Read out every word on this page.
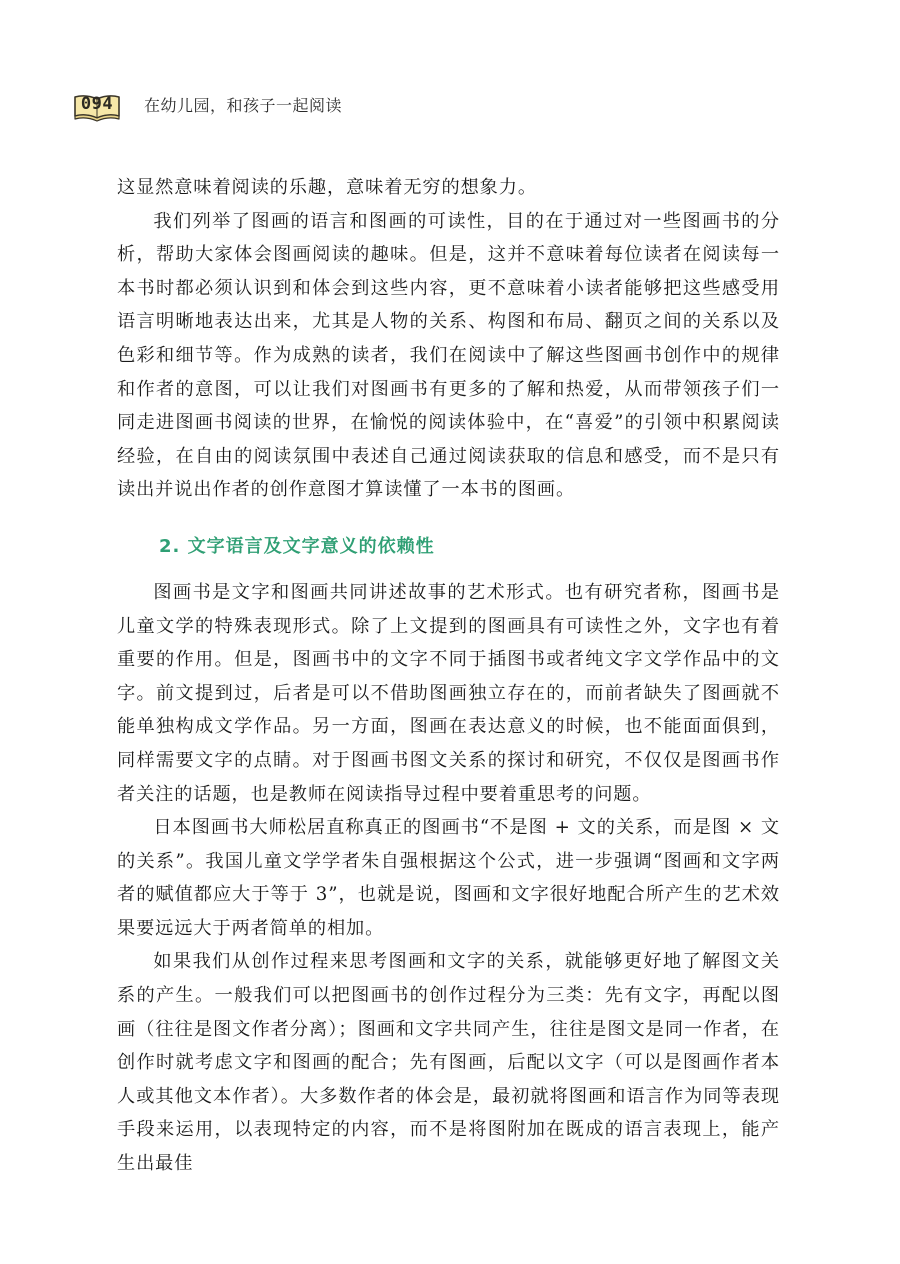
094	在幼儿园，和孩子一起阅读

这显然意味着阅读的乐趣，意味着无穷的想象力。

我们列举了图画的语言和图画的可读性，目的在于通过对一些图画书的分析，帮助大家体会图画阅读的趣味。但是，这并不意味着每位读者在阅读每一本书时都必须认识到和体会到这些内容，更不意味着小读者能够把这些感受用语言明晰地表达出来，尤其是人物的关系、构图和布局、翻页之间的关系以及色彩和细节等。作为成熟的读者，我们在阅读中了解这些图画书创作中的规律和作者的意图，可以让我们对图画书有更多的了解和热爱，从而带领孩子们一同走进图画书阅读的世界，在愉悦的阅读体验中，在“喜爱”的引领中积累阅读经验，在自由的阅读氛围中表述自己通过阅读获取的信息和感受，而不是只有读出并说出作者的创作意图才算读懂了一本书的图画。

2. 文字语言及文字意义的依赖性

图画书是文字和图画共同讲述故事的艺术形式。也有研究者称，图画书是儿童文学的特殊表现形式。除了上文提到的图画具有可读性之外，文字也有着重要的作用。但是，图画书中的文字不同于插图书或者纯文字文学作品中的文字。前文提到过，后者是可以不借助图画独立存在的，而前者缺失了图画就不能单独构成文学作品。另一方面，图画在表达意义的时候，也不能面面俱到，同样需要文字的点睛。对于图画书图文关系的探讨和研究，不仅仅是图画书作者关注的话题，也是教师在阅读指导过程中要着重思考的问题。

日本图画书大师松居直称真正的图画书“不是图 + 文的关系，而是图 × 文的关系”。我国儿童文学学者朱自强根据这个公式，进一步强调“图画和文字两者的赋值都应大于等于 3”，也就是说，图画和文字很好地配合所产生的艺术效果要远远大于两者简单的相加。

如果我们从创作过程来思考图画和文字的关系，就能够更好地了解图文关系的产生。一般我们可以把图画书的创作过程分为三类：先有文字，再配以图画（往往是图文作者分离）；图画和文字共同产生，往往是图文是同一作者，在创作时就考虑文字和图画的配合；先有图画，后配以文字（可以是图画作者本人或其他文本作者）。大多数作者的体会是，最初就将图画和语言作为同等表现手段来运用，以表现特定的内容，而不是将图附加在既成的语言表现上，能产生出最佳
